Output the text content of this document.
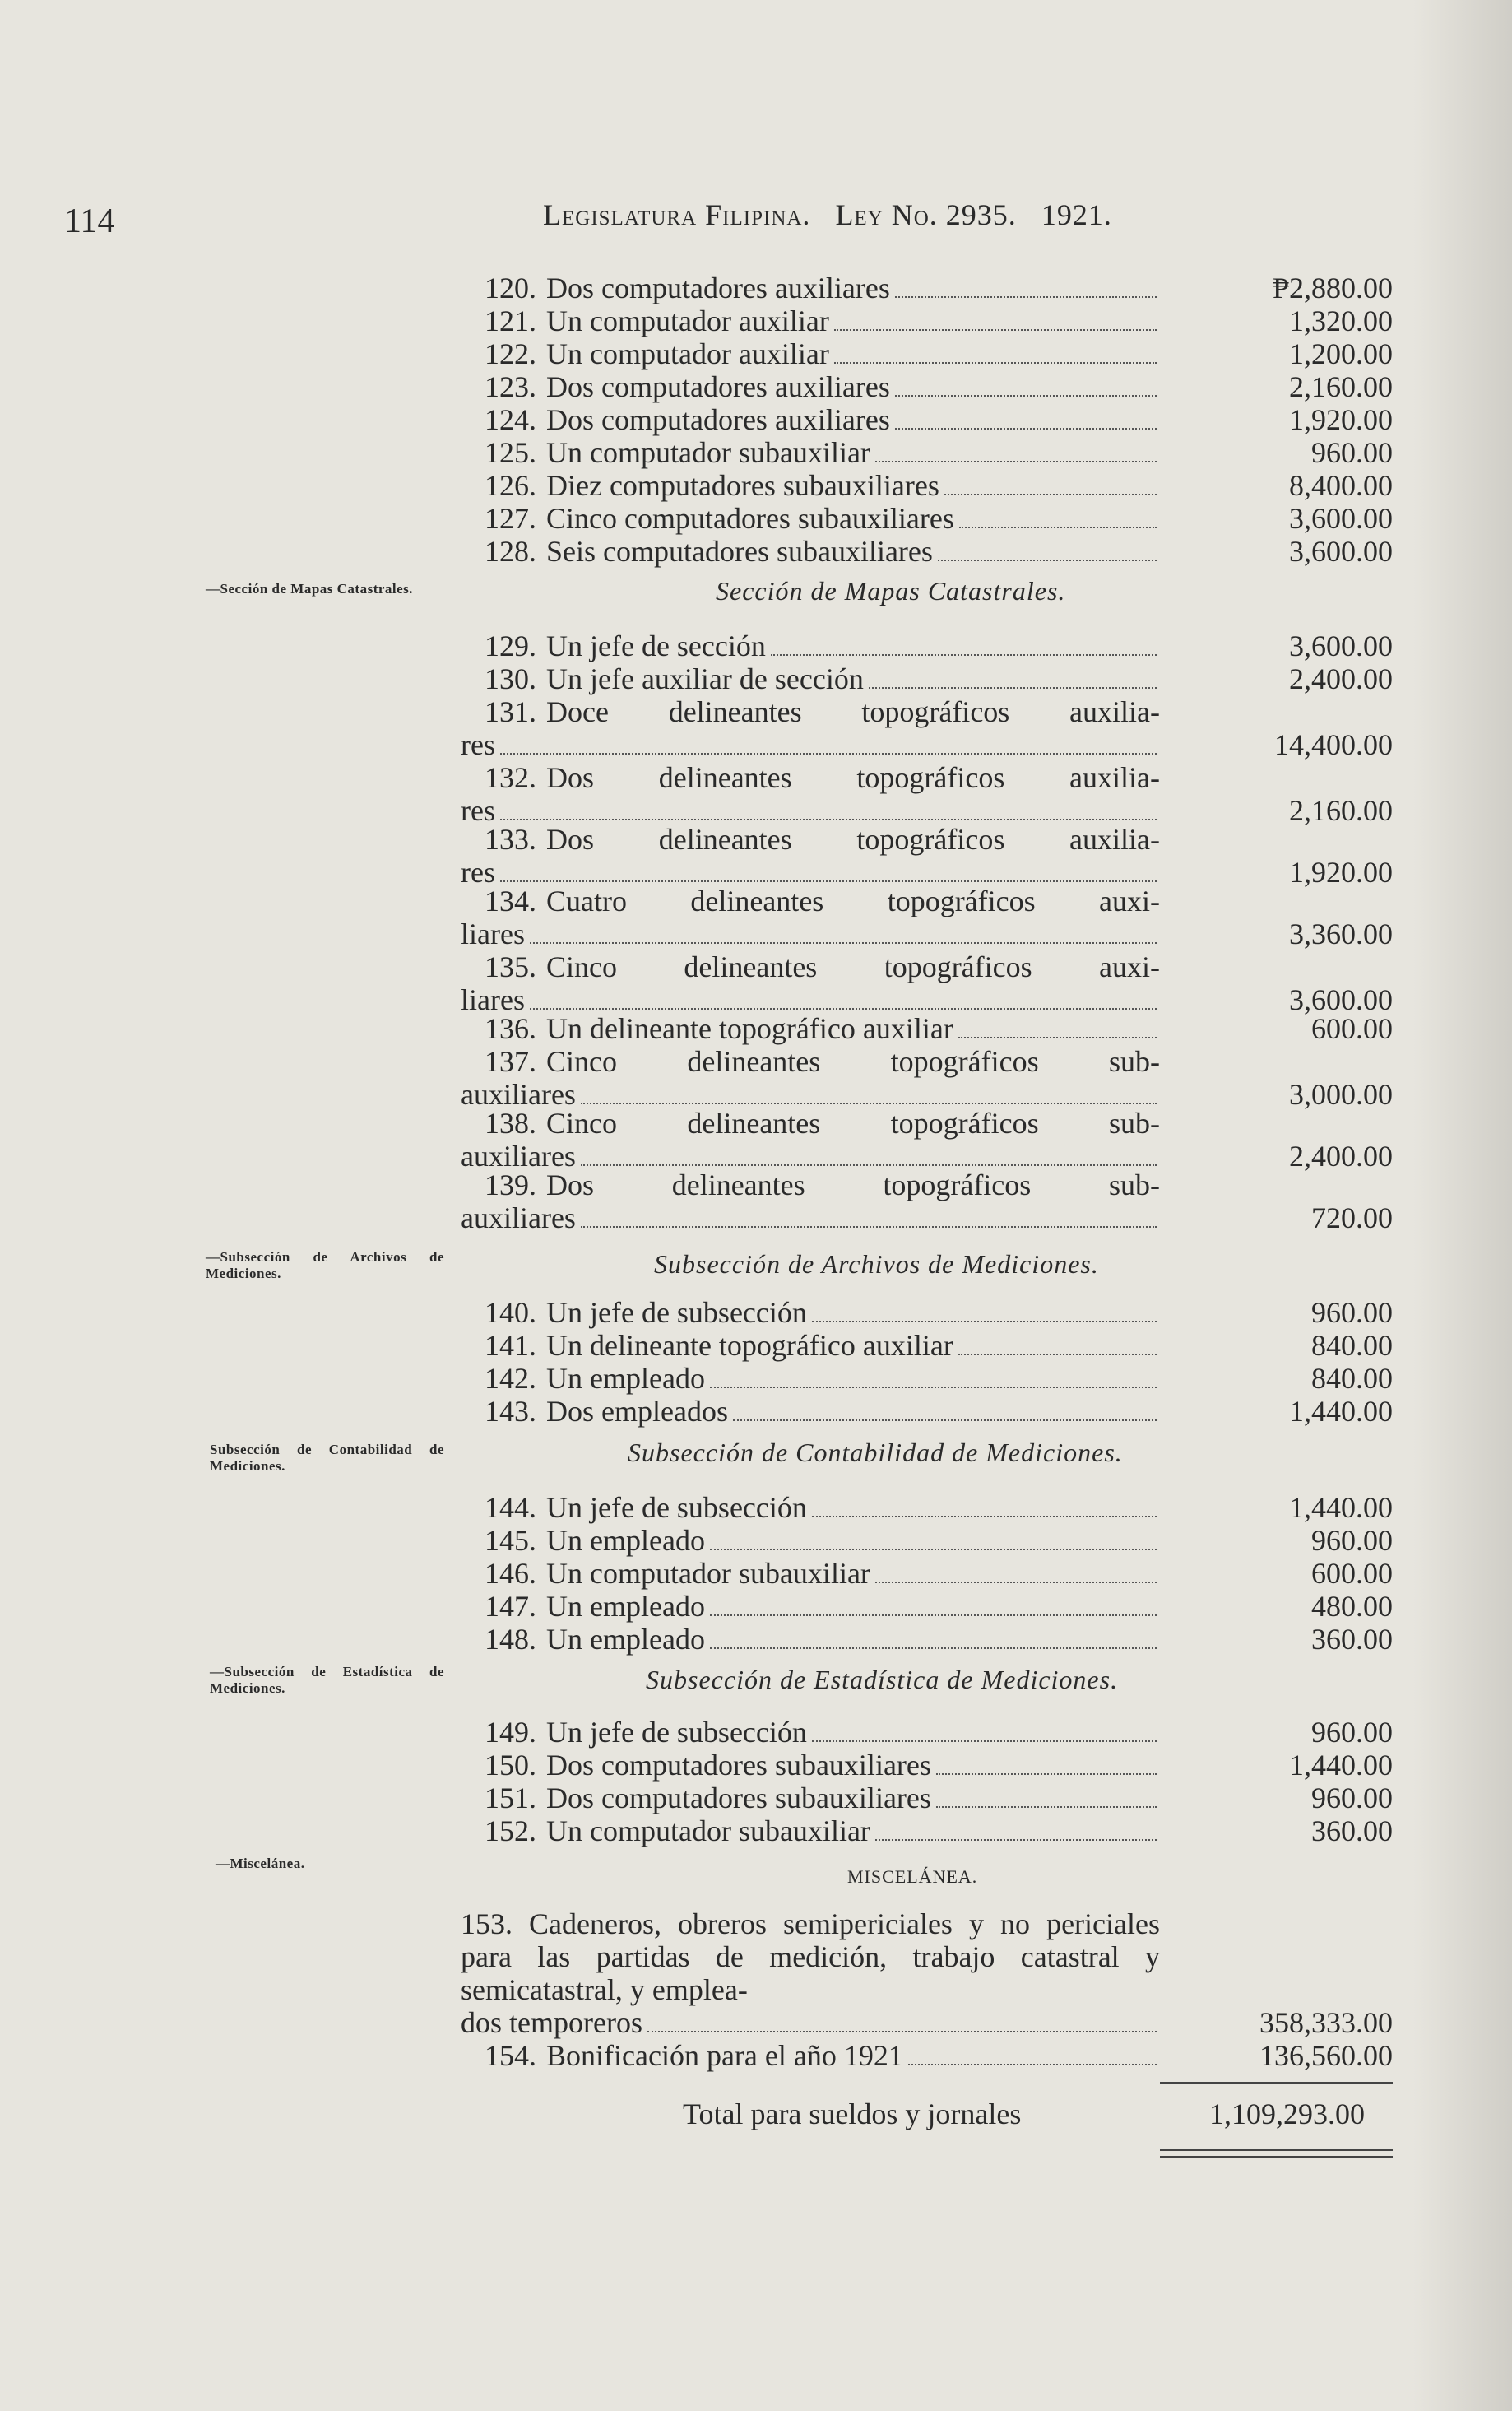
114	Legislatura Filipina. Ley No. 2935. 1921.
—Sección de Mapas Catastrales.
—Subsección de Archivos de Mediciones.
Subsección de Contabilidad de Mediciones.
—Subsección de Estadística de Mediciones.
—Miscelánea.
120. Dos computadores auxiliares	₱2,880.00
121. Un computador auxiliar	1,320.00
122. Un computador auxiliar	1,200.00
123. Dos computadores auxiliares	2,160.00
124. Dos computadores auxiliares	1,920.00
125. Un computador subauxiliar	960.00
126. Diez computadores subauxiliares	8,400.00
127. Cinco computadores subauxiliares	3,600.00
128. Seis computadores subauxiliares	3,600.00
129. Un jefe de sección	3,600.00
130. Un jefe auxiliar de sección	2,400.00
131. Doce delineantes topográficos auxilia-
res	14,400.00
132. Dos delineantes topográficos auxilia-
res	2,160.00
133. Dos delineantes topográficos auxilia-
res	1,920.00
134. Cuatro delineantes topográficos auxi-
liares	3,360.00
135. Cinco delineantes topográficos auxi-
liares	3,600.00
136. Un delineante topográfico auxiliar	600.00
137. Cinco delineantes topográficos sub-
auxiliares	3,000.00
138. Cinco delineantes topográficos sub-
auxiliares	2,400.00
139. Dos delineantes topográficos sub-
auxiliares	720.00
140. Un jefe de subsección	960.00
141. Un delineante topográfico auxiliar	840.00
142. Un empleado	840.00
143. Dos empleados	1,440.00
144. Un jefe de subsección	1,440.00
145. Un empleado	960.00
146. Un computador subauxiliar	600.00
147. Un empleado	480.00
148. Un empleado	360.00
149. Un jefe de subsección	960.00
150. Dos computadores subauxiliares	1,440.00
151. Dos computadores subauxiliares	960.00
152. Un computador subauxiliar	360.00
Sección de Mapas Catastrales.
Subsección de Archivos de Mediciones.
Subsección de Contabilidad de Mediciones.
Subsección de Estadística de Mediciones.
MISCELÁNEA.
153. Cadeneros, obreros semipericiales y no periciales para las partidas de medición, trabajo catastral y semicatastral, y emplea-
dos temporeros	358,333.00
154. Bonificación para el año 1921	136,560.00
Total para sueldos y jornales	1,109,293.00
